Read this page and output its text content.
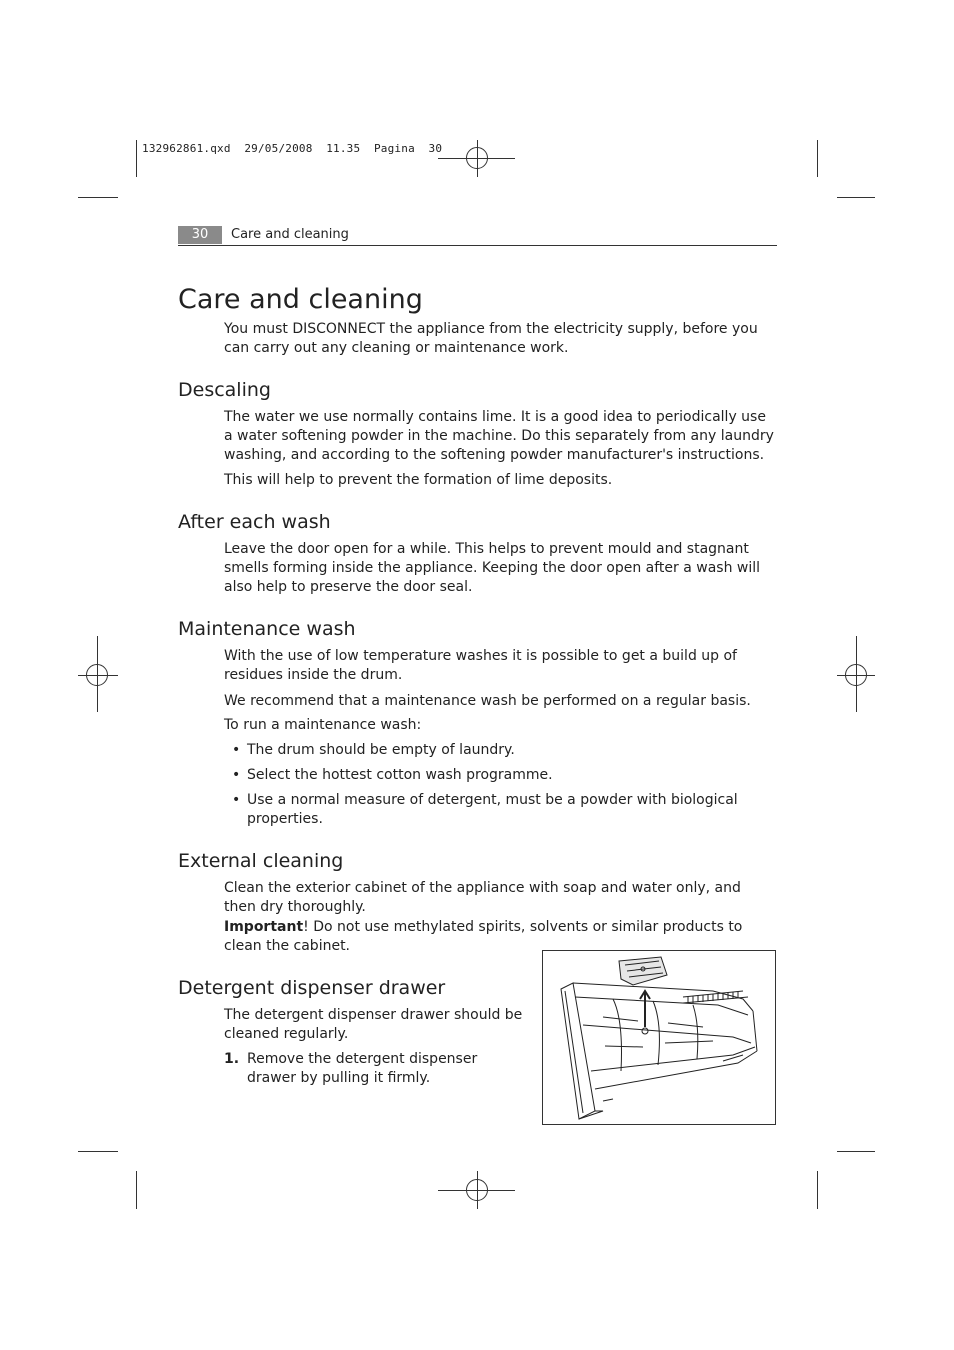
132962861.qxd  29/05/2008  11.35  Pagina  30
30	Care and cleaning
Care and cleaning

You must DISCONNECT the appliance from the electricity supply, before you can carry out any cleaning or maintenance work.

Descaling

The water we use normally contains lime. It is a good idea to periodically use a water softening powder in the machine. Do this separately from any laundry washing, and according to the softening powder manufacturer's instructions.

This will help to prevent the formation of lime deposits.

After each wash

Leave the door open for a while. This helps to prevent mould and stagnant smells forming inside the appliance. Keeping the door open after a wash will also help to preserve the door seal.

Maintenance wash

With the use of low temperature washes it is possible to get a build up of residues inside the drum.

We recommend that a maintenance wash be performed on a regular basis.

To run a maintenance wash:

• The drum should be empty of laundry.
• Select the hottest cotton wash programme.
• Use a normal measure of detergent, must be a powder with biological properties.
External cleaning

Clean the exterior cabinet of the appliance with soap and water only, and then dry thoroughly.

Important! Do not use methylated spirits, solvents or similar products to clean the cabinet.

Detergent dispenser drawer

The detergent dispenser drawer should be cleaned regularly.

1. Remove the detergent dispenser drawer by pulling it firmly.
